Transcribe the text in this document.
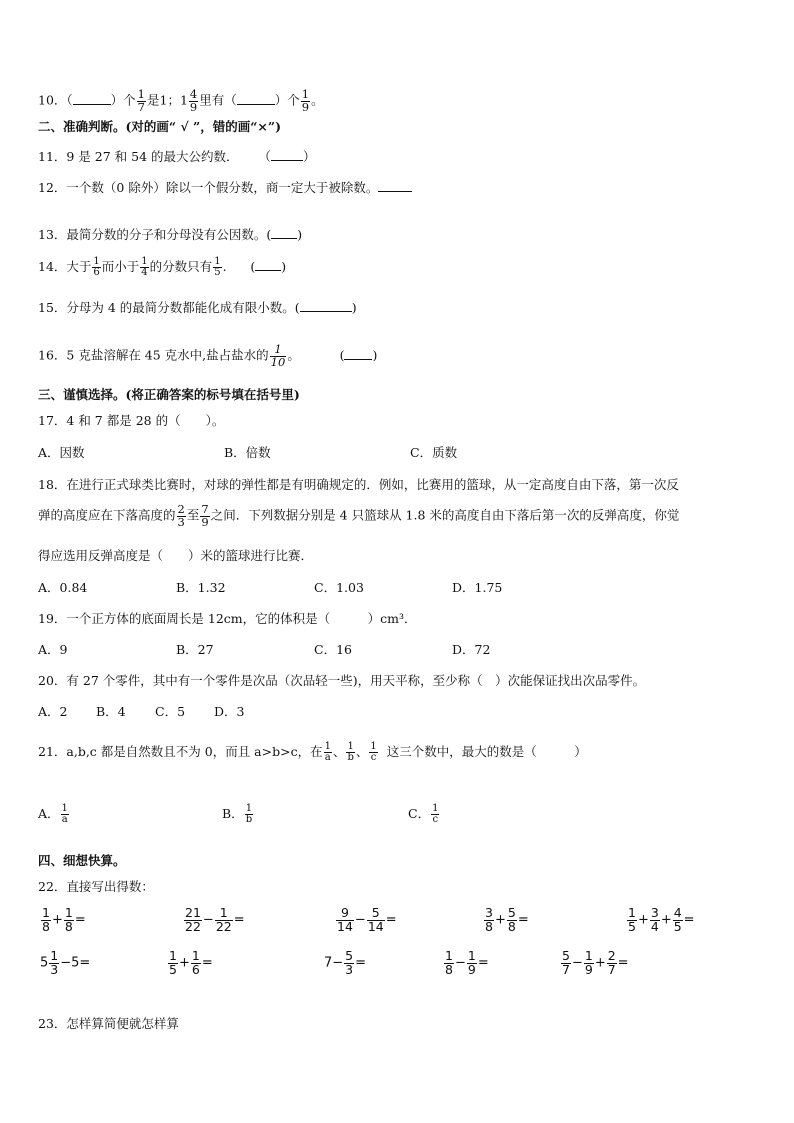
10．（	）个 $\frac{1}{7}$ 是1；$1 \frac{4}{9}$ 里有（	）个 $\frac{1}{9}$ 。
二、准确判断。(对的画“ √ ”，错的画“×”)
11．9 是 27 和 54 的最大公约数． （	）
12．一个数（0 除外）除以一个假分数，商一定大于被除数。
13．最简分数的分子和分母没有公因数。( )
14．大于 $\frac{1}{6}$ 而小于 $\frac{1}{4}$ 的分数只有 $\frac{1}{5}$ . ( )
15．分母为 4 的最简分数都能化成有限小数。(	)
16．5 克盐溶解在 45 克水中,盐占盐水的 $\frac{1}{10}$ 。	( )
三、谨慎选择。(将正确答案的标号填在括号里)
17．4 和 7 都是 28 的（　　）。
A．因数	B．倍数	C．质数
18．在进行正式球类比赛时，对球的弹性都是有明确规定的．例如，比赛用的篮球，从一定高度自由下落，第一次反
弹的高度应在下落高度的 $\frac{2}{3}$ 至 $\frac{7}{9}$ 之间．下列数据分别是 4 只篮球从 1.8 米的高度自由下落后第一次的反弹高度，你觉
得应选用反弹高度是（　　）米的篮球进行比赛．
A．0.84	B．1.32	C．1.03	D．1.75
19．一个正方体的底面周长是 12cm，它的体积是（　　　）cm³．
A．9	B．27	C．16	D．72
20．有 27 个零件，其中有一个零件是次品（次品轻一些)，用天平称，至少称（　）次能保证找出次品零件。
A．2 B．4 C．5 D．3
21．a,b,c 都是自然数且不为 0，而且 a>b>c，在 $\frac{1}{a}$ 、 $\frac{1}{b}$ 、 $\frac{1}{c}$ 这三个数中，最大的数是（　　　）
A． $\frac{1}{a}$	B． $\frac{1}{b}$	C． $\frac{1}{c}$
四、细想快算。
22．直接写出得数：
$\frac{1}{8} + \frac{1}{8}$ =	$\frac{21}{22} - \frac{1}{22}$ =	$\frac{9}{14} - \frac{5}{14}$ =	$\frac{3}{8} + \frac{5}{8}$ =	$\frac{1}{5} + \frac{3}{4} + \frac{4}{5}$ =
$5 \frac{1}{3} -5=$	$\frac{1}{5} + \frac{1}{6}$ =	$7- \frac{5}{3}$ =	$\frac{1}{8} - \frac{1}{9}$ =	$\frac{5}{7} - \frac{1}{9} + \frac{2}{7}$ =
23．怎样算简便就怎样算
